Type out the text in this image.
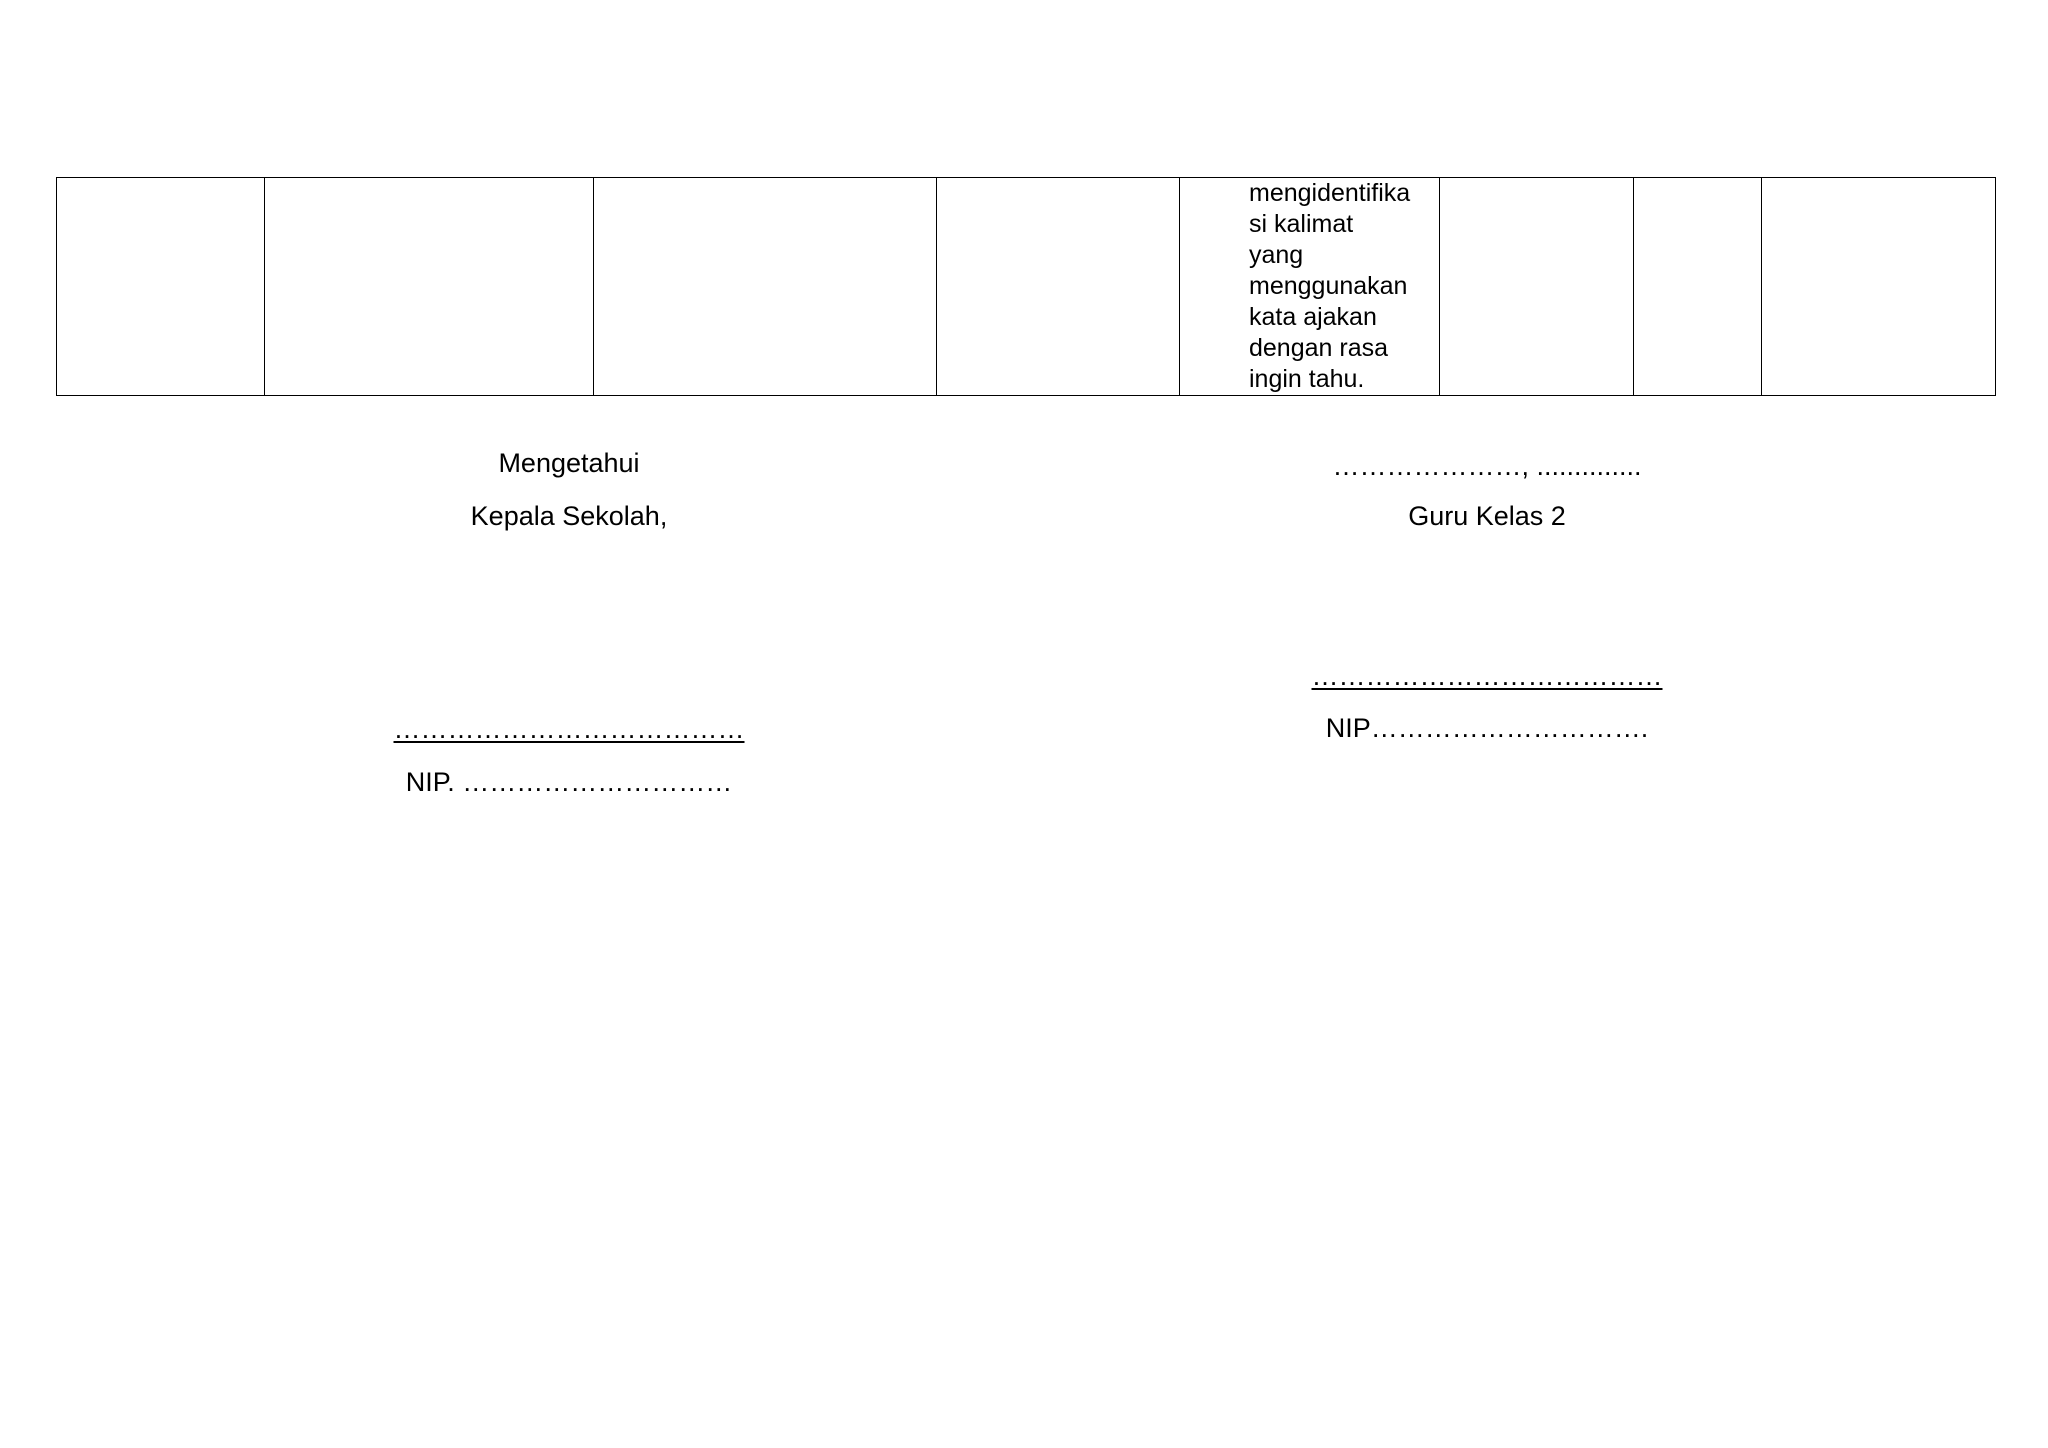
mengidentifika
si kalimat
yang
menggunakan
kata ajakan
dengan rasa
ingin tahu.

Mengetahui
Kepala Sekolah,
…………………………………
NIP. …………………………
…………………, ..............
Guru Kelas 2
…………………………………
NIP………………………….
